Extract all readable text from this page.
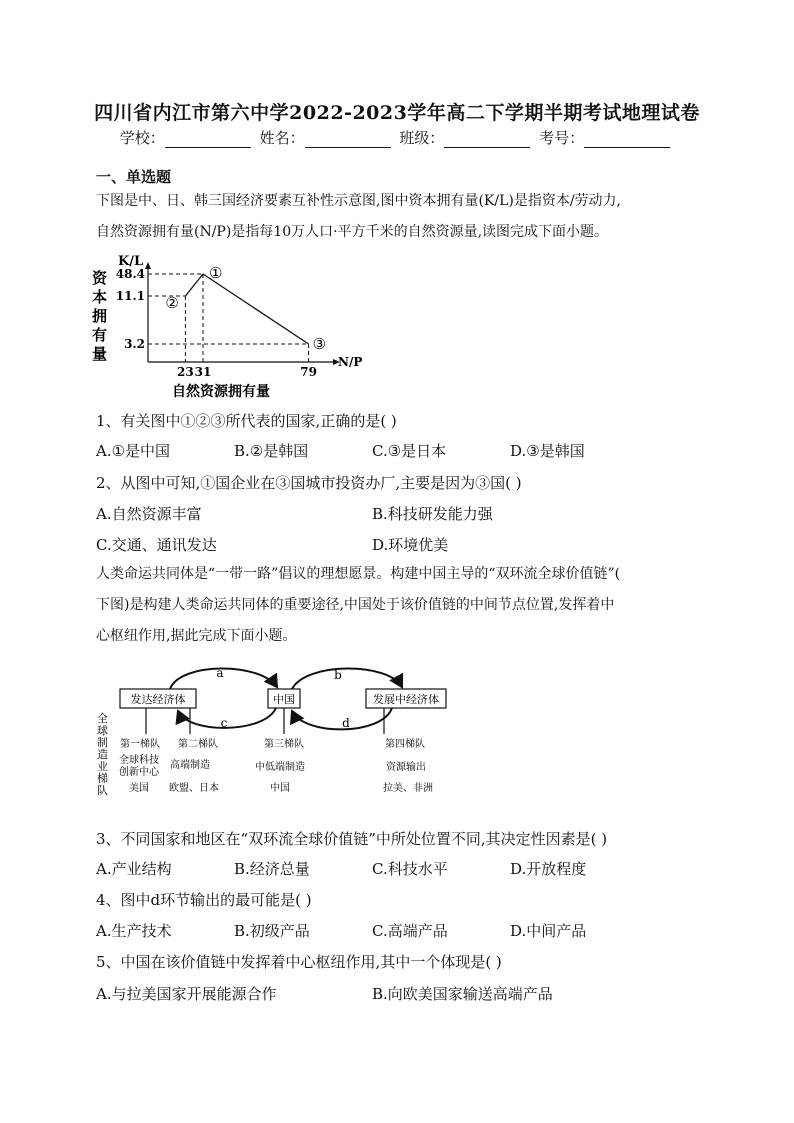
四川省内江市第六中学2022-2023学年高二下学期半期考试地理试卷
学校：	姓名：	班级：	考号：
一、单选题
下图是中、日、韩三国经济要素互补性示意图,图中资本拥有量(K/L)是指资本/劳动力,
自然资源拥有量(N/P)是指每10万人口·平方千米的自然资源量,读图完成下面小题。
K/L
资
本
拥
有
量	N/P
②
①
③
48.4
11.1
3.2
23 31	79
自然资源拥有量
1、有关图中①②③所代表的国家,正确的是( )
A.①是中国	B.②是韩国	C.③是日本	D.③是韩国
2、从图中可知,①国企业在③国城市投资办厂,主要是因为③国( )
A.自然资源丰富	B.科技研发能力强
C.交通、通讯发达	D.环境优美
人类命运共同体是“一带一路”倡议的理想愿景。构建中国主导的“双环流全球价值链”(
下图)是构建人类命运共同体的重要途径,中国处于该价值链的中间节点位置,发挥着中
心枢纽作用,据此完成下面小题。
发达经济体	中国	发展中经济体
a	b
c	d
全
球
制
造
业
梯
队
第一梯队
全球科技
创新中心
美国
第二梯队
高端制造
欧盟、日本
第三梯队
中低端制造
中国
第四梯队
资源输出
拉美、非洲
3、不同国家和地区在“双环流全球价值链”中所处位置不同,其决定性因素是( )
A.产业结构	B.经济总量	C.科技水平	D.开放程度
4、图中d环节输出的最可能是( )
A.生产技术	B.初级产品	C.高端产品	D.中间产品
5、中国在该价值链中发挥着中心枢纽作用,其中一个体现是( )
A.与拉美国家开展能源合作	B.向欧美国家输送高端产品
